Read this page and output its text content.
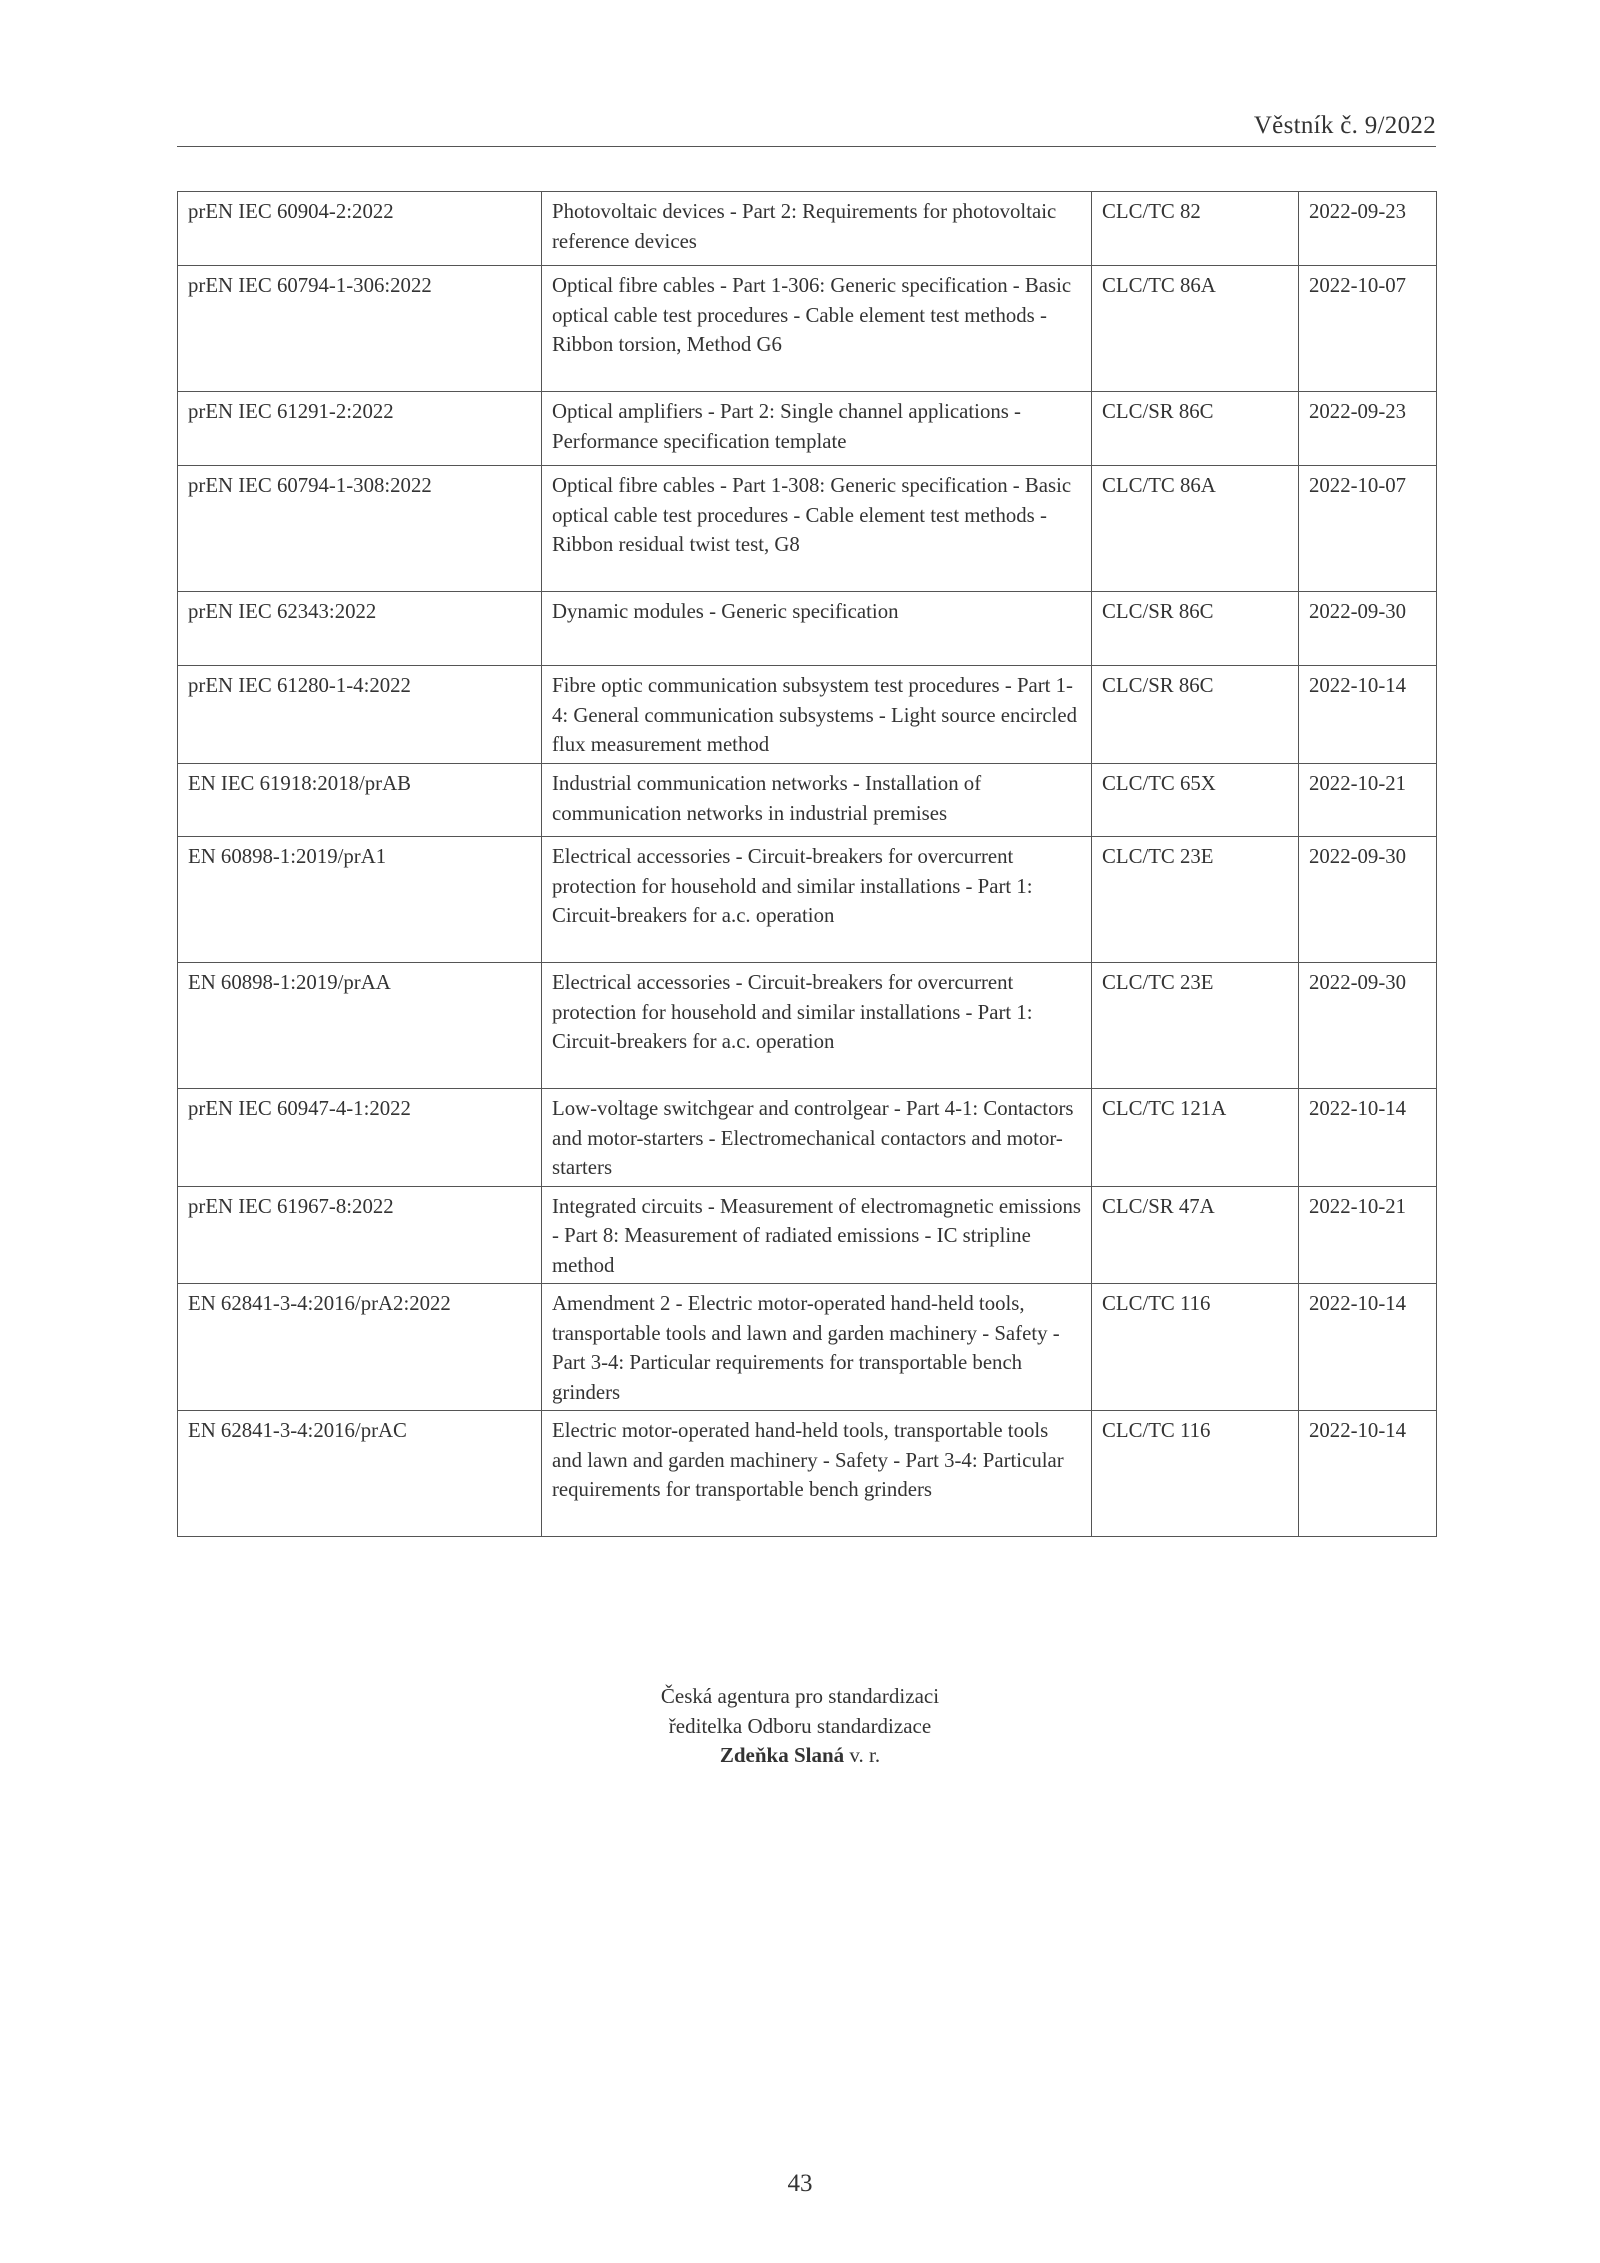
Věstník č. 9/2022
prEN IEC 60904-2:2022	Photovoltaic devices - Part 2: Requirements for photovoltaic reference devices	CLC/TC 82	2022-09-23
prEN IEC 60794-1-306:2022	Optical fibre cables - Part 1-306: Generic specification - Basic optical cable test procedures - Cable element test methods - Ribbon torsion, Method G6	CLC/TC 86A	2022-10-07
prEN IEC 61291-2:2022	Optical amplifiers - Part 2: Single channel applications - Performance specification template	CLC/SR 86C	2022-09-23
prEN IEC 60794-1-308:2022	Optical fibre cables - Part 1-308: Generic specification - Basic optical cable test procedures - Cable element test methods - Ribbon residual twist test, G8	CLC/TC 86A	2022-10-07
prEN IEC 62343:2022	Dynamic modules - Generic specification	CLC/SR 86C	2022-09-30
prEN IEC 61280-1-4:2022	Fibre optic communication subsystem test procedures - Part 1-4: General communication subsystems - Light source encircled flux measurement method	CLC/SR 86C	2022-10-14
EN IEC 61918:2018/prAB	Industrial communication networks - Installation of communication networks in industrial premises	CLC/TC 65X	2022-10-21
EN 60898-1:2019/prA1	Electrical accessories - Circuit-breakers for overcurrent protection for household and similar installations - Part 1: Circuit-breakers for a.c. operation	CLC/TC 23E	2022-09-30
EN 60898-1:2019/prAA	Electrical accessories - Circuit-breakers for overcurrent protection for household and similar installations - Part 1: Circuit-breakers for a.c. operation	CLC/TC 23E	2022-09-30
prEN IEC 60947-4-1:2022	Low-voltage switchgear and controlgear - Part 4-1: Contactors and motor-starters - Electromechanical contactors and motor-starters	CLC/TC 121A	2022-10-14
prEN IEC 61967-8:2022	Integrated circuits - Measurement of electromagnetic emissions - Part 8: Measurement of radiated emissions - IC stripline method	CLC/SR 47A	2022-10-21
EN 62841-3-4:2016/prA2:2022	Amendment 2 - Electric motor-operated hand-held tools, transportable tools and lawn and garden machinery - Safety - Part 3-4: Particular requirements for transportable bench grinders	CLC/TC 116	2022-10-14
EN 62841-3-4:2016/prAC	Electric motor-operated hand-held tools, transportable tools and lawn and garden machinery - Safety - Part 3-4: Particular requirements for transportable bench grinders	CLC/TC 116	2022-10-14
Česká agentura pro standardizaci
ředitelka Odboru standardizace
Zdeňka Slaná v. r.
43
